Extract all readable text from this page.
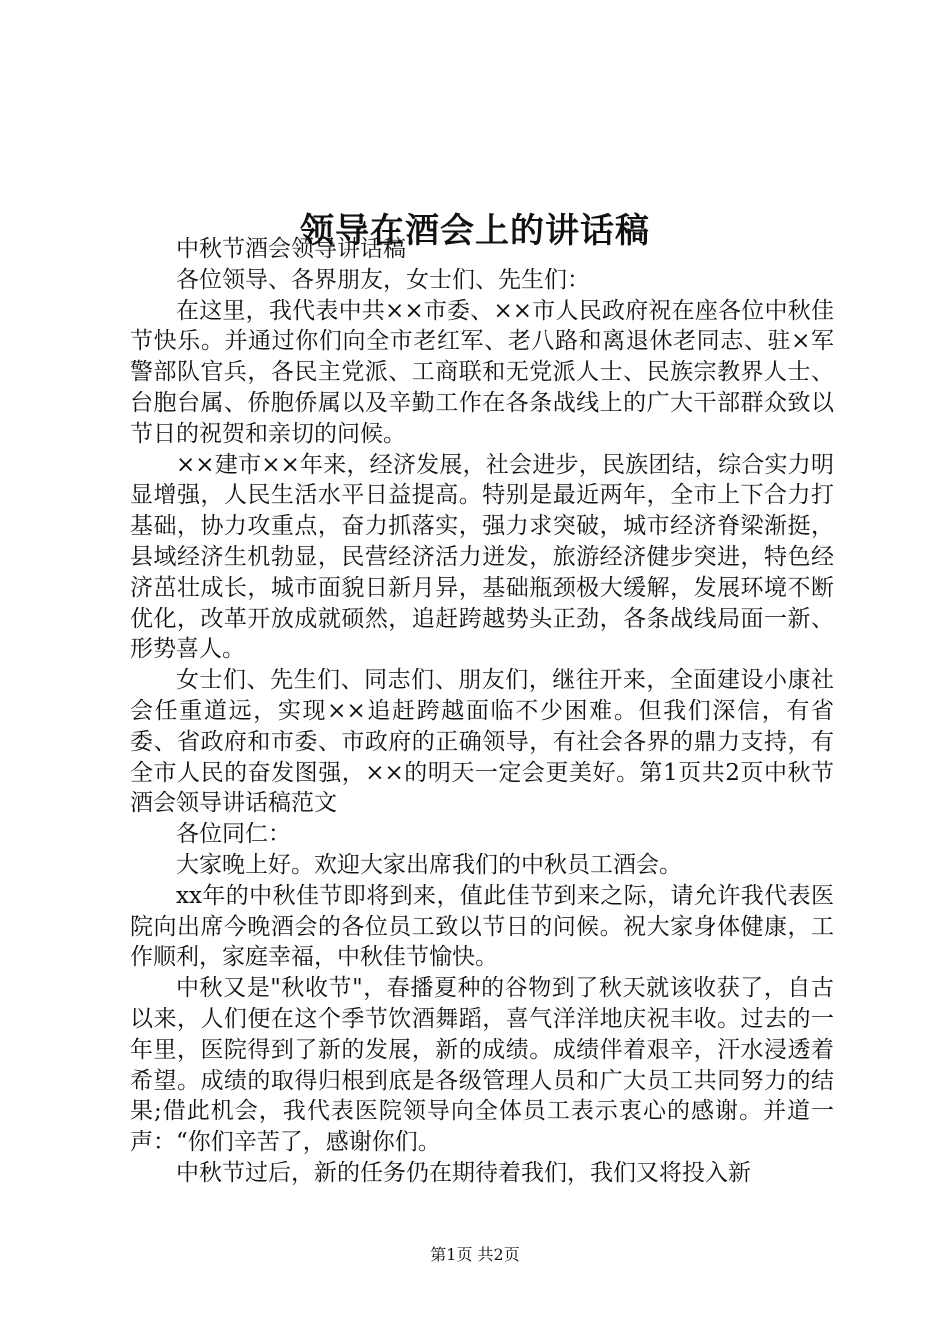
领导在酒会上的讲话稿

中秋节酒会领导讲话稿

各位领导、各界朋友，女士们、先生们：

在这里，我代表中共××市委、××市人民政府祝在座各位中秋佳节快乐。并通过你们向全市老红军、老八路和离退休老同志、驻×军警部队官兵，各民主党派、工商联和无党派人士、民族宗教界人士、台胞台属、侨胞侨属以及辛勤工作在各条战线上的广大干部群众致以节日的祝贺和亲切的问候。

××建市××年来，经济发展，社会进步，民族团结，综合实力明显增强，人民生活水平日益提高。特别是最近两年，全市上下合力打基础，协力攻重点，奋力抓落实，强力求突破，城市经济脊梁渐挺，县域经济生机勃显，民营经济活力迸发，旅游经济健步突进，特色经济茁壮成长，城市面貌日新月异，基础瓶颈极大缓解，发展环境不断优化，改革开放成就硕然，追赶跨越势头正劲，各条战线局面一新、形势喜人。

女士们、先生们、同志们、朋友们，继往开来，全面建设小康社会任重道远，实现××追赶跨越面临不少困难。但我们深信，有省委、省政府和市委、市政府的正确领导，有社会各界的鼎力支持，有全市人民的奋发图强，××的明天一定会更美好。第1页共2页中秋节酒会领导讲话稿范文

各位同仁：

大家晚上好。欢迎大家出席我们的中秋员工酒会。

xx年的中秋佳节即将到来，值此佳节到来之际，请允许我代表医院向出席今晚酒会的各位员工致以节日的问候。祝大家身体健康，工作顺利，家庭幸福，中秋佳节愉快。

中秋又是"秋收节"，春播夏种的谷物到了秋天就该收获了，自古以来，人们便在这个季节饮酒舞蹈，喜气洋洋地庆祝丰收。过去的一年里，医院得到了新的发展，新的成绩。成绩伴着艰辛，汗水浸透着希望。成绩的取得归根到底是各级管理人员和广大员工共同努力的结果;借此机会，我代表医院领导向全体员工表示衷心的感谢。并道一声：“你们辛苦了，感谢你们。

中秋节过后，新的任务仍在期待着我们，我们又将投入新

第1页 共2页
